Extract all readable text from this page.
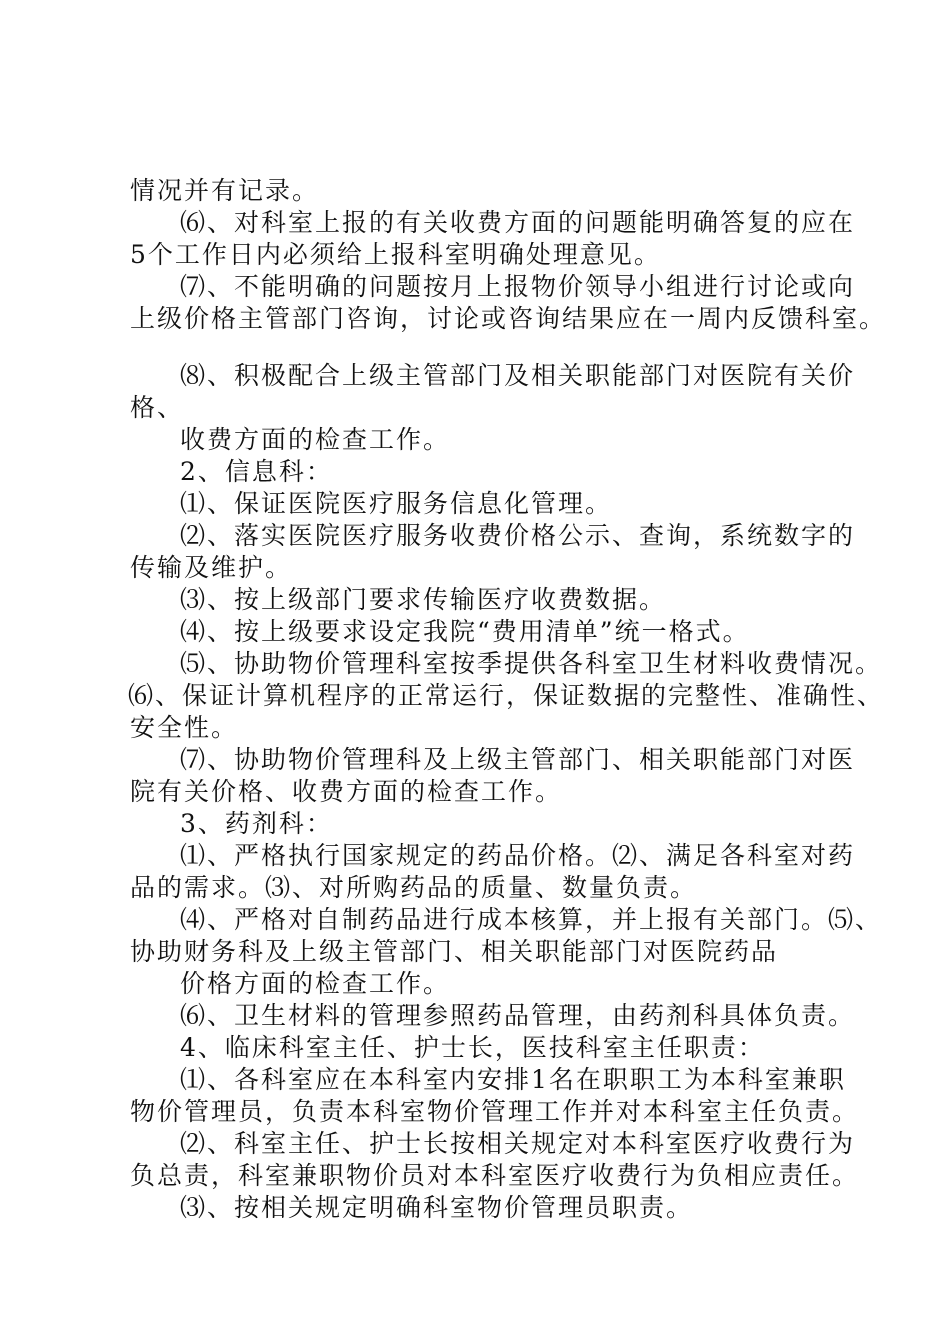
情况并有记录。
⑹、对科室上报的有关收费方面的问题能明确答复的应在
5个工作日内必须给上报科室明确处理意见。
⑺、不能明确的问题按月上报物价领导小组进行讨论或向
上级价格主管部门咨询，讨论或咨询结果应在一周内反馈科室。
⑻、积极配合上级主管部门及相关职能部门对医院有关价
格、
收费方面的检查工作。
2、信息科：
⑴、保证医院医疗服务信息化管理。
⑵、落实医院医疗服务收费价格公示、查询，系统数字的
传输及维护。
⑶、按上级部门要求传输医疗收费数据。
⑷、按上级要求设定我院“费用清单”统一格式。
⑸、协助物价管理科室按季提供各科室卫生材料收费情况。
⑹、保证计算机程序的正常运行，保证数据的完整性、准确性、
安全性。
⑺、协助物价管理科及上级主管部门、相关职能部门对医
院有关价格、收费方面的检查工作。
3、药剂科：
⑴、严格执行国家规定的药品价格。⑵、满足各科室对药
品的需求。⑶、对所购药品的质量、数量负责。
⑷、严格对自制药品进行成本核算，并上报有关部门。⑸、
协助财务科及上级主管部门、相关职能部门对医院药品
价格方面的检查工作。
⑹、卫生材料的管理参照药品管理，由药剂科具体负责。
4、临床科室主任、护士长，医技科室主任职责：
⑴、各科室应在本科室内安排1名在职职工为本科室兼职
物价管理员，负责本科室物价管理工作并对本科室主任负责。
⑵、科室主任、护士长按相关规定对本科室医疗收费行为
负总责，科室兼职物价员对本科室医疗收费行为负相应责任。
⑶、按相关规定明确科室物价管理员职责。
